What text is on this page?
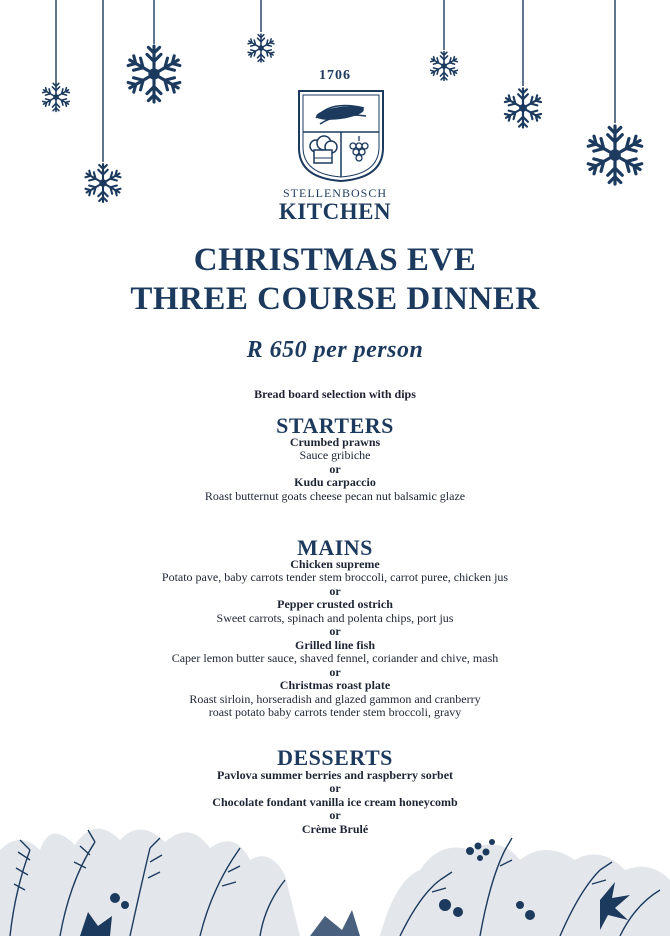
1706
STELLENBOSCH
KITCHEN
CHRISTMAS EVE
THREE COURSE DINNER
R 650 per person
Bread board selection with dips
STARTERS
Crumbed prawns
Sauce gribiche
or
Kudu carpaccio
Roast butternut goats cheese pecan nut balsamic glaze
MAINS
Chicken supreme
Potato pave, baby carrots tender stem broccoli, carrot puree, chicken jus
or
Pepper crusted ostrich
Sweet carrots, spinach and polenta chips, port jus
or
Grilled line fish
Caper lemon butter sauce, shaved fennel, coriander and chive, mash
or
Christmas roast plate
Roast sirloin, horseradish and glazed gammon and cranberry
roast potato baby carrots tender stem broccoli, gravy
DESSERTS
Pavlova summer berries and raspberry sorbet
or
Chocolate fondant vanilla ice cream honeycomb
or
Crème Brulé
